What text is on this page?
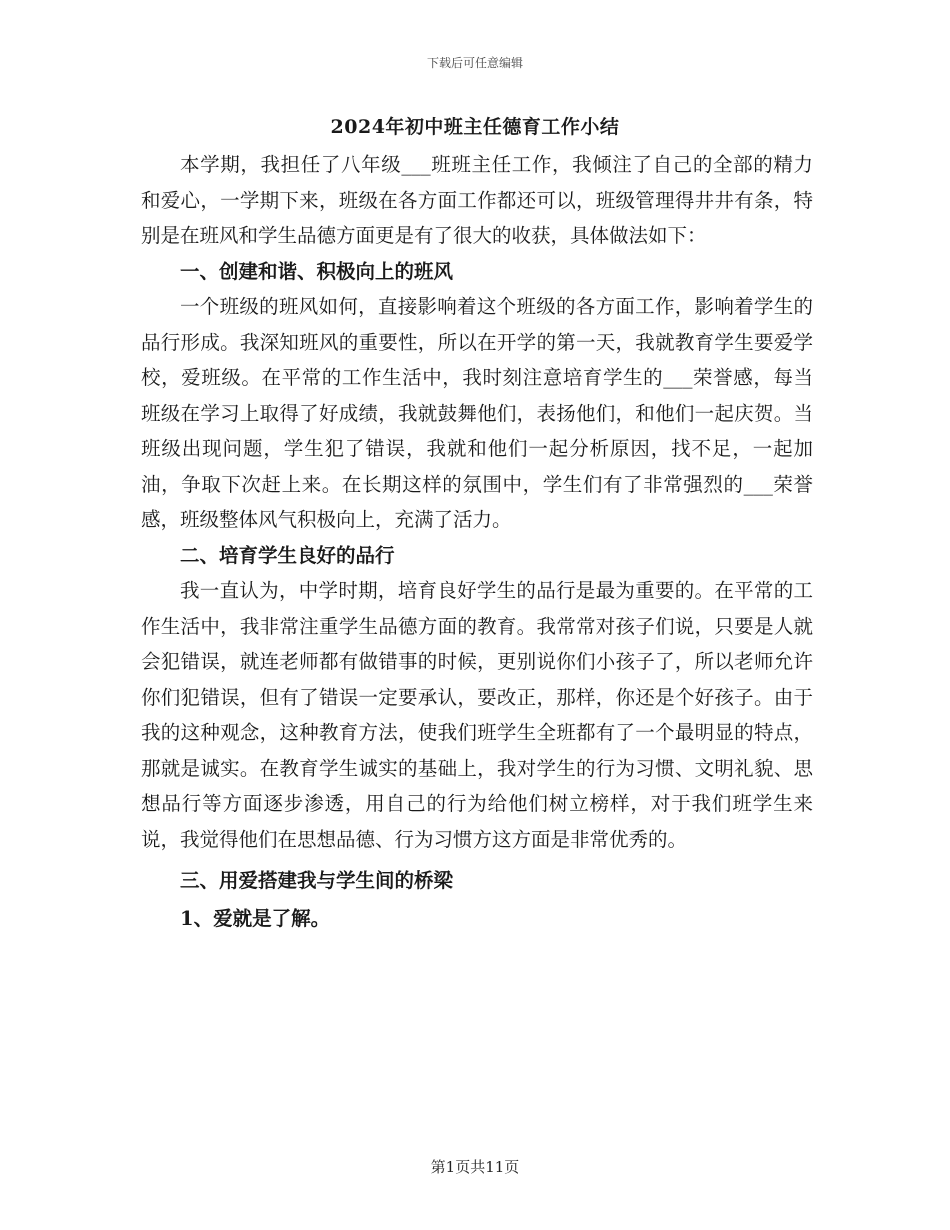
下载后可任意编辑
2024年初中班主任德育工作小结

本学期，我担任了八年级___班班主任工作，我倾注了自己的全部的精力和爱心，一学期下来，班级在各方面工作都还可以，班级管理得井井有条，特别是在班风和学生品德方面更是有了很大的收获，具体做法如下：

一、创建和谐、积极向上的班风

一个班级的班风如何，直接影响着这个班级的各方面工作，影响着学生的品行形成。我深知班风的重要性，所以在开学的第一天，我就教育学生要爱学校，爱班级。在平常的工作生活中，我时刻注意培育学生的___荣誉感，每当班级在学习上取得了好成绩，我就鼓舞他们，表扬他们，和他们一起庆贺。当班级出现问题，学生犯了错误，我就和他们一起分析原因，找不足，一起加油，争取下次赶上来。在长期这样的氛围中，学生们有了非常强烈的___荣誉感，班级整体风气积极向上，充满了活力。

二、培育学生良好的品行

我一直认为，中学时期，培育良好学生的品行是最为重要的。在平常的工作生活中，我非常注重学生品德方面的教育。我常常对孩子们说，只要是人就会犯错误，就连老师都有做错事的时候，更别说你们小孩子了，所以老师允许你们犯错误，但有了错误一定要承认，要改正，那样，你还是个好孩子。由于我的这种观念，这种教育方法，使我们班学生全班都有了一个最明显的特点，那就是诚实。在教育学生诚实的基础上，我对学生的行为习惯、文明礼貌、思想品行等方面逐步渗透，用自己的行为给他们树立榜样，对于我们班学生来说，我觉得他们在思想品德、行为习惯方这方面是非常优秀的。

三、用爱搭建我与学生间的桥梁

1、爱就是了解。

第1页共11页
